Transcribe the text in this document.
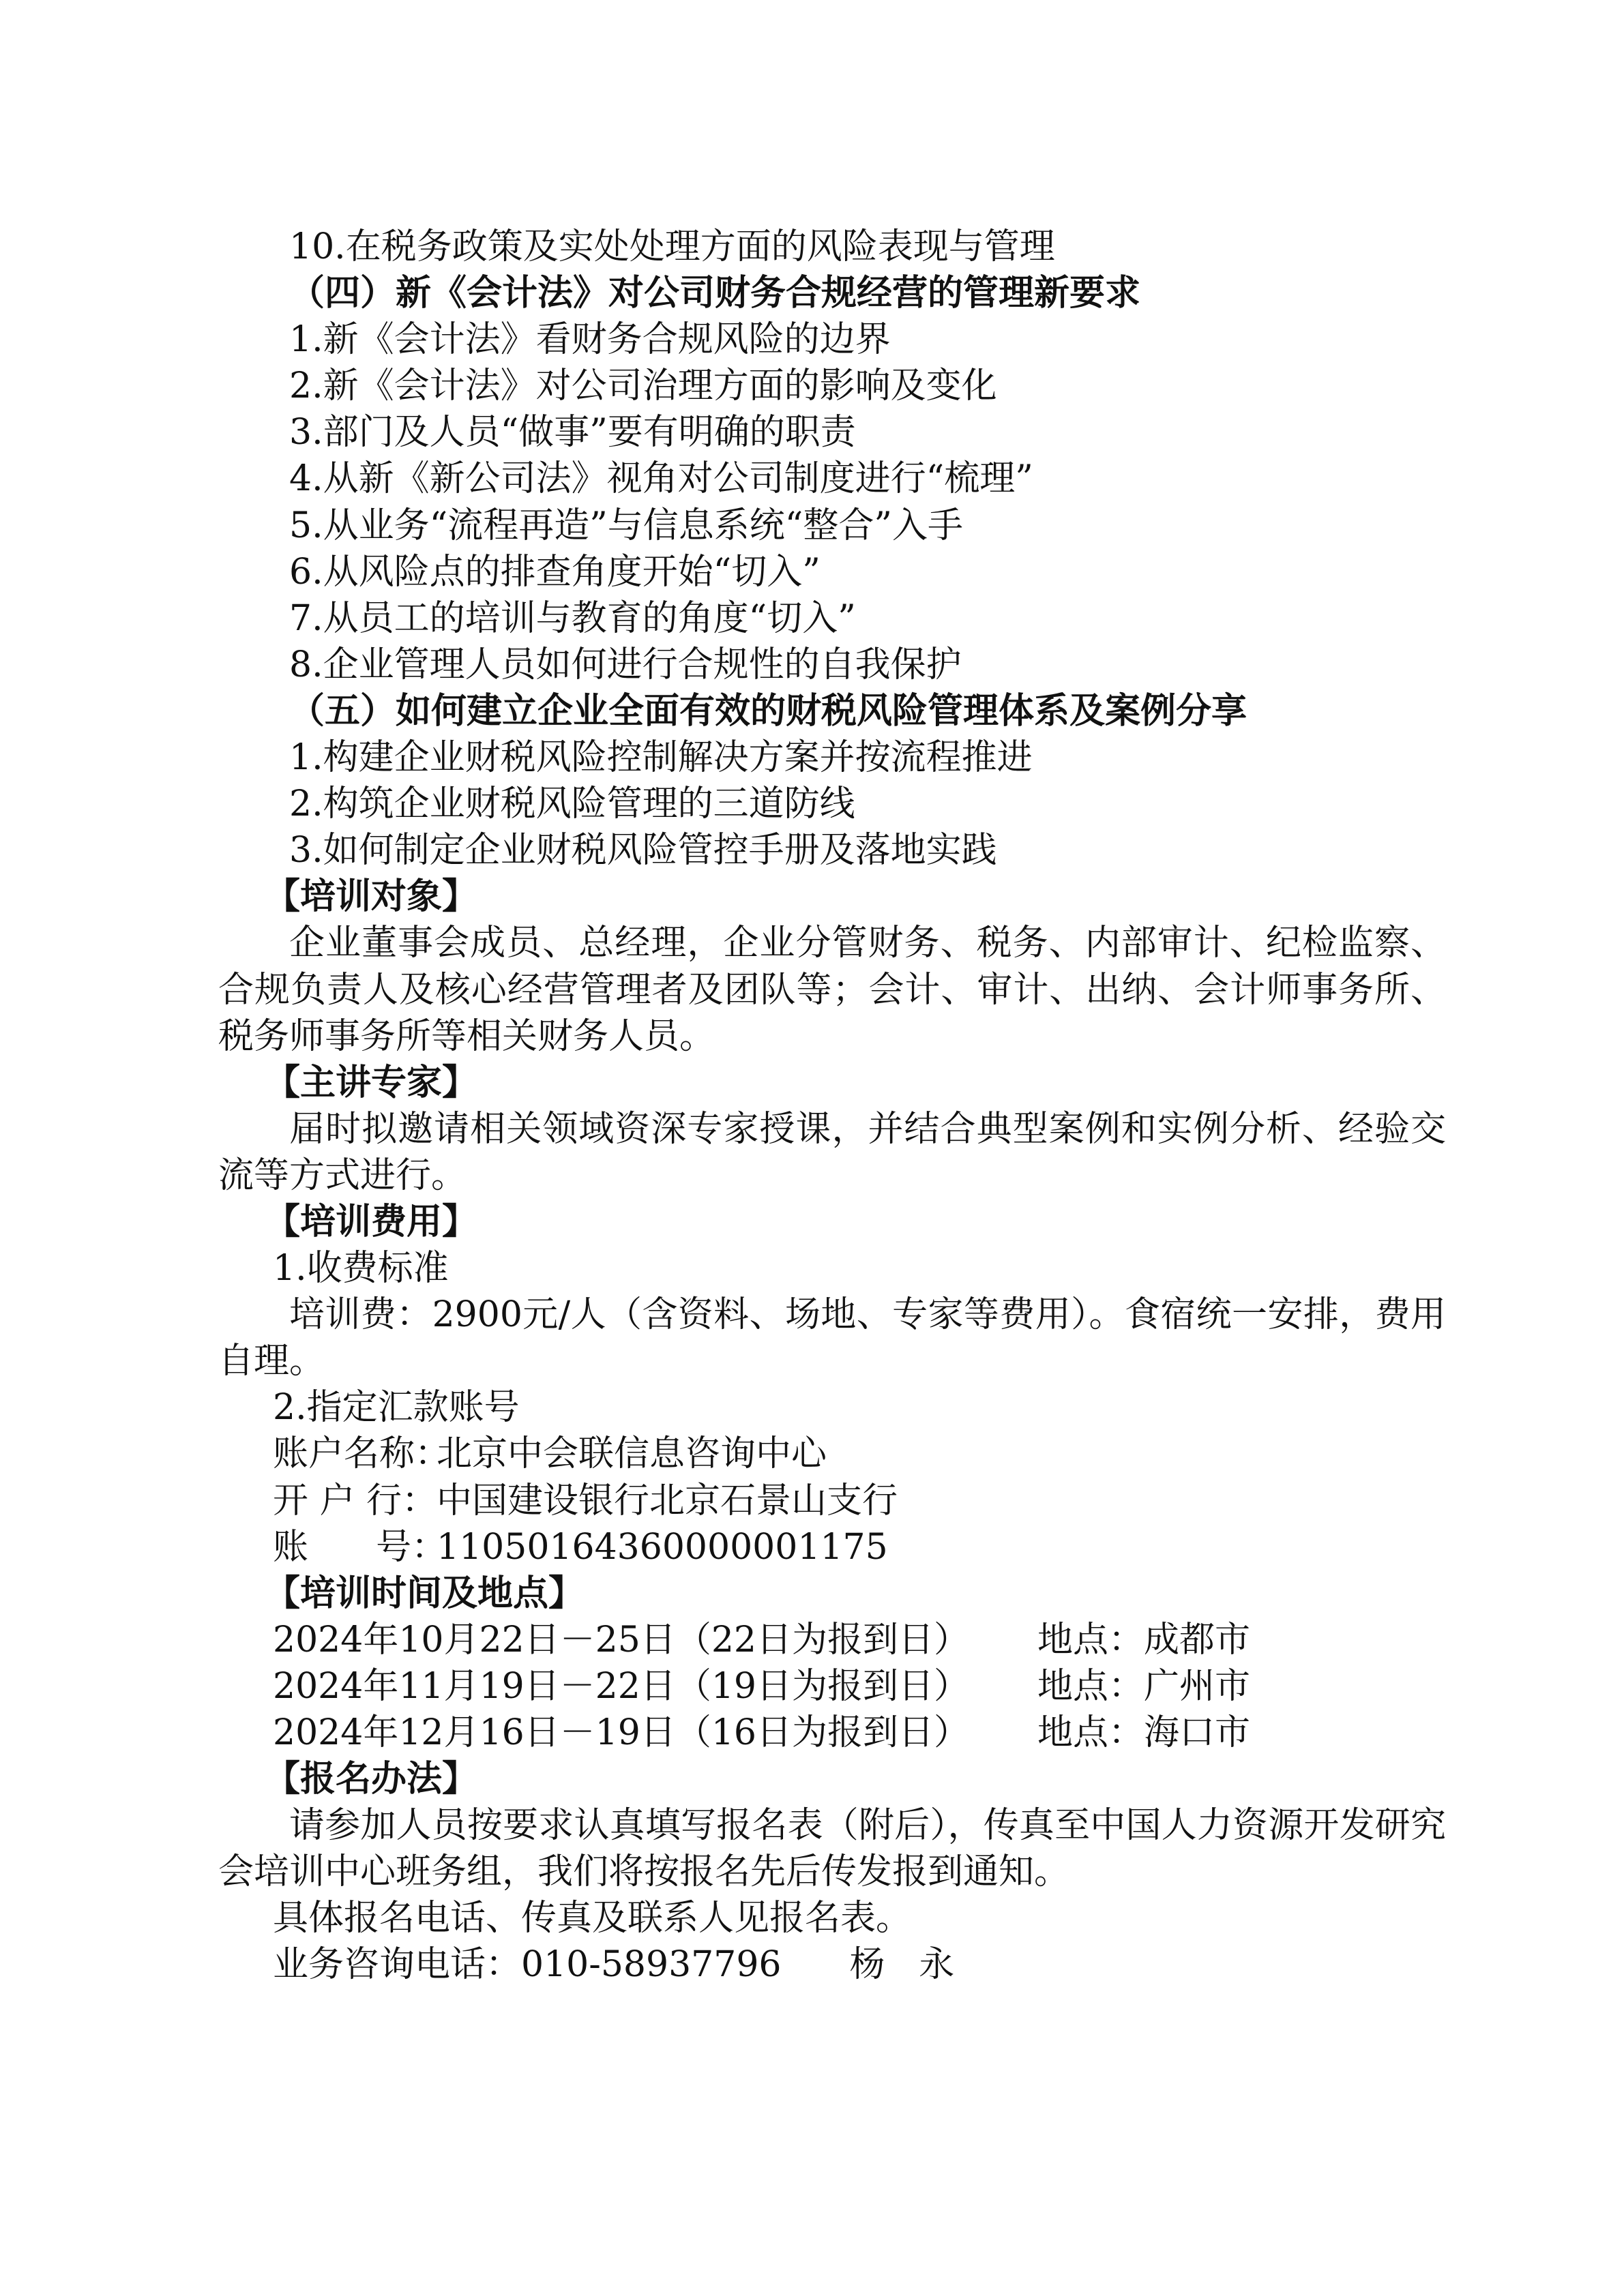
10.在税务政策及实处处理方面的风险表现与管理
（四）新《会计法》对公司财务合规经营的管理新要求
1.新《会计法》看财务合规风险的边界
2.新《会计法》对公司治理方面的影响及变化
3.部门及人员“做事”要有明确的职责
4.从新《新公司法》视角对公司制度进行“梳理”
5.从业务“流程再造”与信息系统“整合”入手
6.从风险点的排查角度开始“切入”
7.从员工的培训与教育的角度“切入”
8.企业管理人员如何进行合规性的自我保护
（五）如何建立企业全面有效的财税风险管理体系及案例分享
1.构建企业财税风险控制解决方案并按流程推进
2.构筑企业财税风险管理的三道防线
3.如何制定企业财税风险管控手册及落地实践
【培训对象】
企业董事会成员、总经理，企业分管财务、税务、内部审计、纪检监察、合规负责人及核心经营管理者及团队等；会计、审计、出纳、会计师事务所、税务师事务所等相关财务人员。
【主讲专家】
届时拟邀请相关领域资深专家授课，并结合典型案例和实例分析、经验交流等方式进行。
【培训费用】
1.收费标准
培训费：2900元/人（含资料、场地、专家等费用）。食宿统一安排，费用自理。
2.指定汇款账号
账户名称：北京中会联信息咨询中心
开 户 行：中国建设银行北京石景山支行
账      号：11050164360000001175
【培训时间及地点】
2024年10月22日－25日（22日为报到日） 地点：成都市
2024年11月19日－22日（19日为报到日） 地点：广州市
2024年12月16日－19日（16日为报到日） 地点：海口市
【报名办法】
请参加人员按要求认真填写报名表（附后），传真至中国人力资源开发研究会培训中心班务组，我们将按报名先后传发报到通知。
具体报名电话、传真及联系人见报名表。
业务咨询电话：010-58937796 杨   永
